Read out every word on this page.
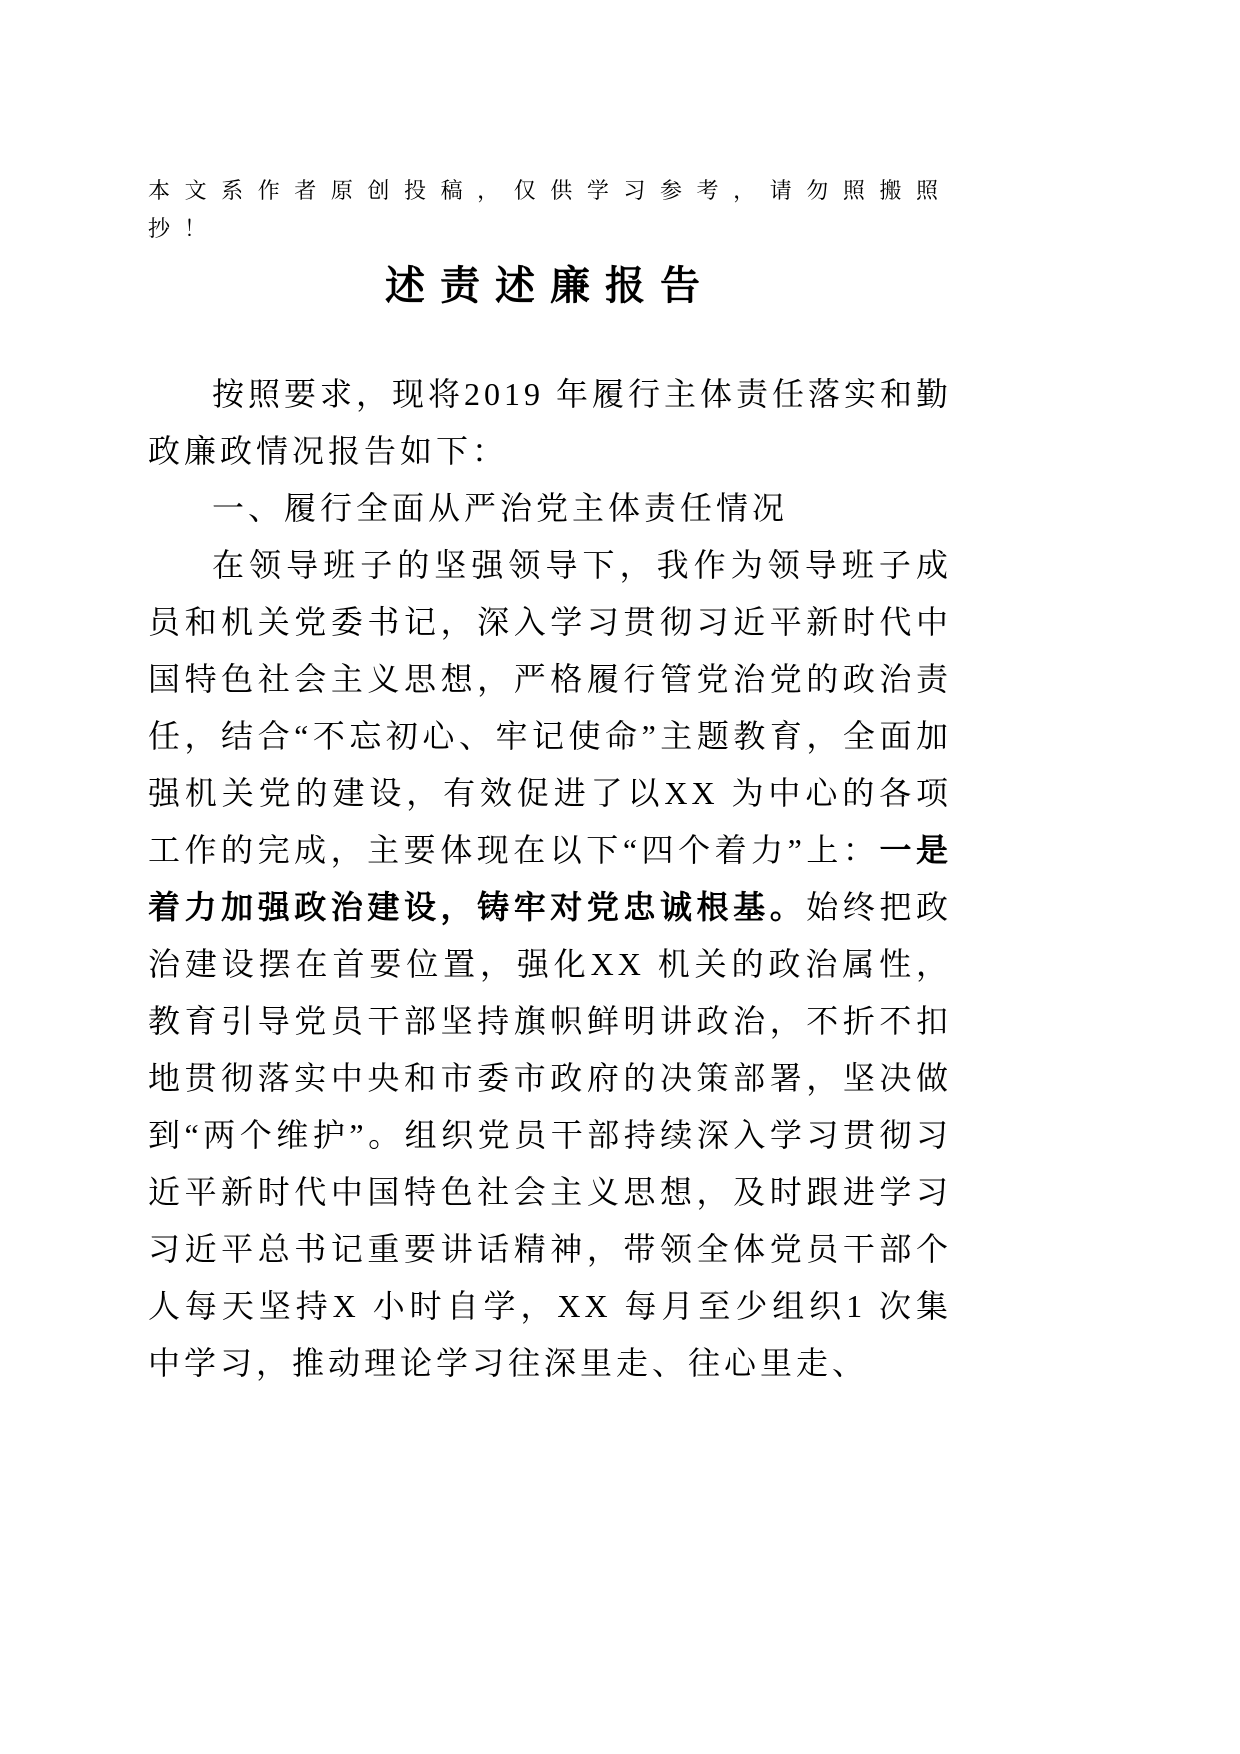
本文系作者原创投稿，仅供学习参考，请勿照搬照抄！

述责述廉报告

按照要求，现将2019 年履行主体责任落实和勤政廉政情况报告如下：

一、履行全面从严治党主体责任情况

在领导班子的坚强领导下，我作为领导班子成员和机关党委书记，深入学习贯彻习近平新时代中国特色社会主义思想，严格履行管党治党的政治责任，结合“不忘初心、牢记使命”主题教育，全面加强机关党的建设，有效促进了以XX 为中心的各项工作的完成，主要体现在以下“四个着力”上：一是着力加强政治建设，铸牢对党忠诚根基。始终把政治建设摆在首要位置，强化XX 机关的政治属性，教育引导党员干部坚持旗帜鲜明讲政治，不折不扣地贯彻落实中央和市委市政府的决策部署，坚决做到“两个维护”。组织党员干部持续深入学习贯彻习近平新时代中国特色社会主义思想，及时跟进学习习近平总书记重要讲话精神，带领全体党员干部个人每天坚持X 小时自学，XX 每月至少组织1 次集中学习，推动理论学习往深里走、往心里走、
